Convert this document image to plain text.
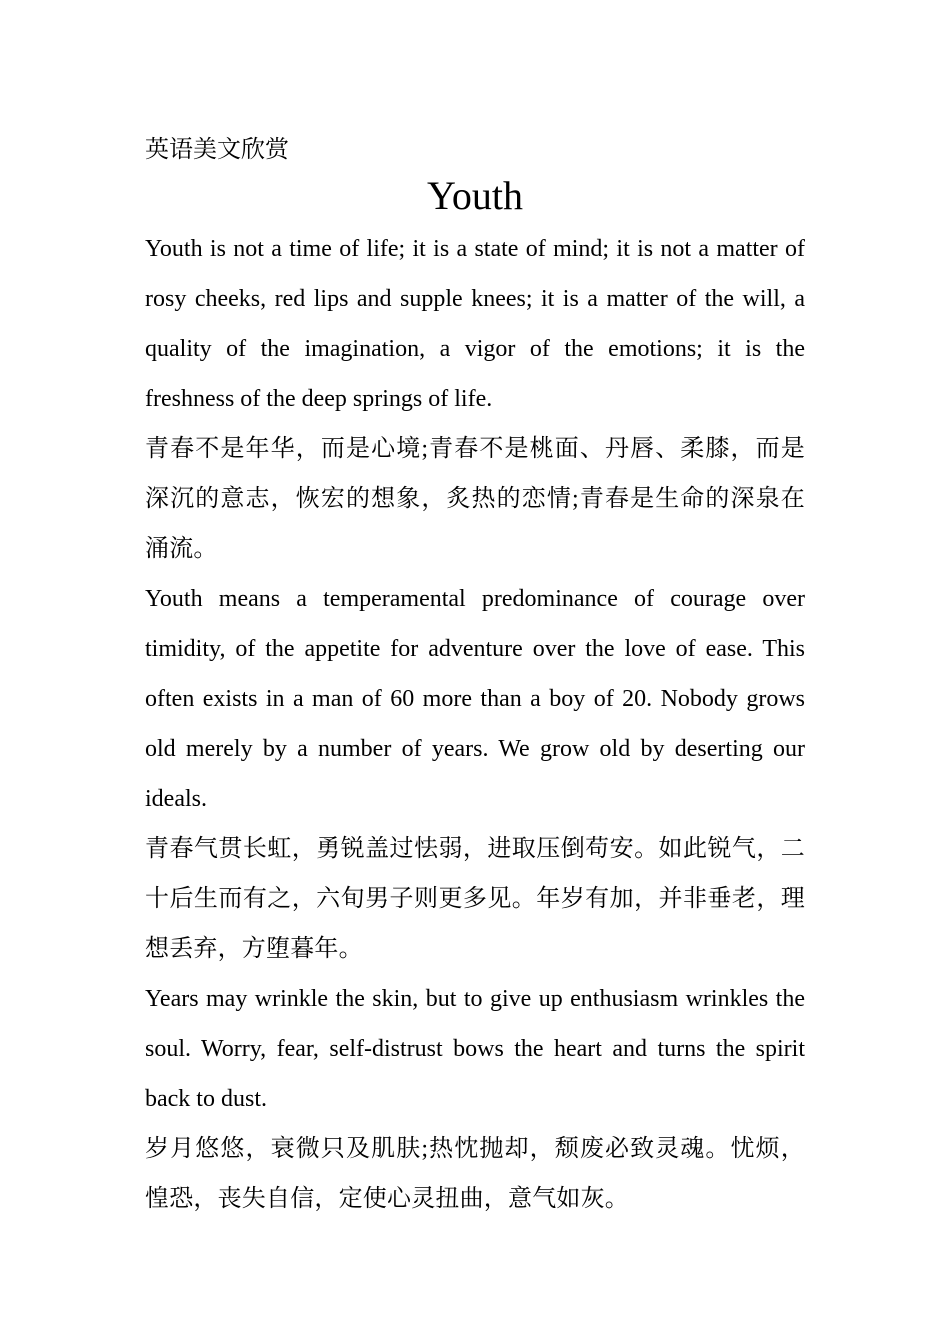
英语美文欣赏

Youth

Youth is not a time of life; it is a state of mind; it is not a matter of rosy cheeks, red lips and supple knees; it is a matter of the will, a quality of the imagination, a vigor of the emotions; it is the freshness of the deep springs of life.

青春不是年华，而是心境;青春不是桃面、丹唇、柔膝，而是深沉的意志，恢宏的想象，炙热的恋情;青春是生命的深泉在涌流。

Youth means a temperamental predominance of courage over timidity, of the appetite for adventure over the love of ease. This often exists in a man of 60 more than a boy of 20. Nobody grows old merely by a number of years. We grow old by deserting our ideals.

青春气贯长虹，勇锐盖过怯弱，进取压倒苟安。如此锐气，二十后生而有之，六旬男子则更多见。年岁有加，并非垂老，理想丢弃，方堕暮年。

Years may wrinkle the skin, but to give up enthusiasm wrinkles the soul. Worry, fear, self-distrust bows the heart and turns the spirit back to dust.

岁月悠悠，衰微只及肌肤;热忱抛却，颓废必致灵魂。忧烦，惶恐，丧失自信，定使心灵扭曲，意气如灰。
